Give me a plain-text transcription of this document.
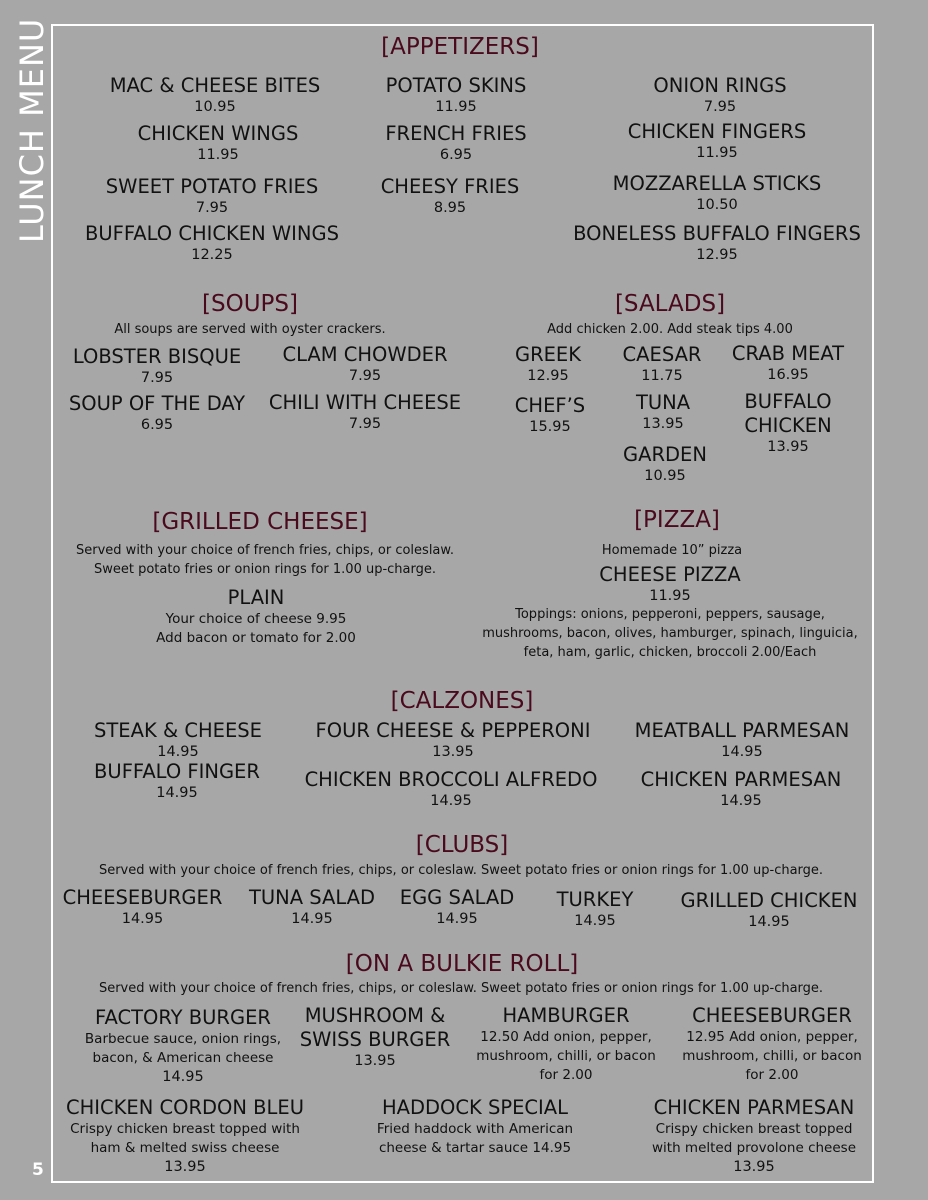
LUNCH MENU
5
[APPETIZERS]
MAC & CHEESE BITES
10.95
POTATO SKINS
11.95
ONION RINGS
7.95
CHICKEN WINGS
11.95
FRENCH FRIES
6.95
CHICKEN FINGERS
11.95
SWEET POTATO FRIES
7.95
CHEESY FRIES
8.95
MOZZARELLA STICKS
10.50
BUFFALO CHICKEN WINGS
12.25
BONELESS BUFFALO FINGERS
12.95
[SOUPS]
All soups are served with oyster crackers.
LOBSTER BISQUE
7.95
CLAM CHOWDER
7.95
SOUP OF THE DAY
6.95
CHILI WITH CHEESE
7.95
[SALADS]
Add chicken 2.00. Add steak tips 4.00
GREEK
12.95
CAESAR
11.75
CRAB MEAT
16.95
CHEF’S
15.95
TUNA
13.95
BUFFALO
CHICKEN
13.95
GARDEN
10.95
[GRILLED CHEESE]
Served with your choice of french fries, chips, or coleslaw.
Sweet potato fries or onion rings for 1.00 up-charge.
PLAIN
Your choice of cheese 9.95
Add bacon or tomato for 2.00
[PIZZA]
Homemade 10” pizza
CHEESE PIZZA
11.95
Toppings: onions, pepperoni, peppers, sausage,
mushrooms, bacon, olives, hamburger, spinach, linguicia,
feta, ham, garlic, chicken, broccoli 2.00/Each
[CALZONES]
STEAK & CHEESE
14.95
FOUR CHEESE & PEPPERONI
13.95
MEATBALL PARMESAN
14.95
BUFFALO FINGER
14.95
CHICKEN BROCCOLI ALFREDO
14.95
CHICKEN PARMESAN
14.95
[CLUBS]
Served with your choice of french fries, chips, or coleslaw. Sweet potato fries or onion rings for 1.00 up-charge.
CHEESEBURGER
14.95
TUNA SALAD
14.95
EGG SALAD
14.95
TURKEY
14.95
GRILLED CHICKEN
14.95
[ON A BULKIE ROLL]
Served with your choice of french fries, chips, or coleslaw. Sweet potato fries or onion rings for 1.00 up-charge.
FACTORY BURGER
Barbecue sauce, onion rings,
bacon, & American cheese
14.95
MUSHROOM &
SWISS BURGER
13.95
HAMBURGER
12.50 Add onion, pepper,
mushroom, chilli, or bacon
for 2.00
CHEESEBURGER
12.95 Add onion, pepper,
mushroom, chilli, or bacon
for 2.00
CHICKEN CORDON BLEU
Crispy chicken breast topped with
ham & melted swiss cheese
13.95
HADDOCK SPECIAL
Fried haddock with American
cheese & tartar sauce 14.95
CHICKEN PARMESAN
Crispy chicken breast topped
with melted provolone cheese
13.95
